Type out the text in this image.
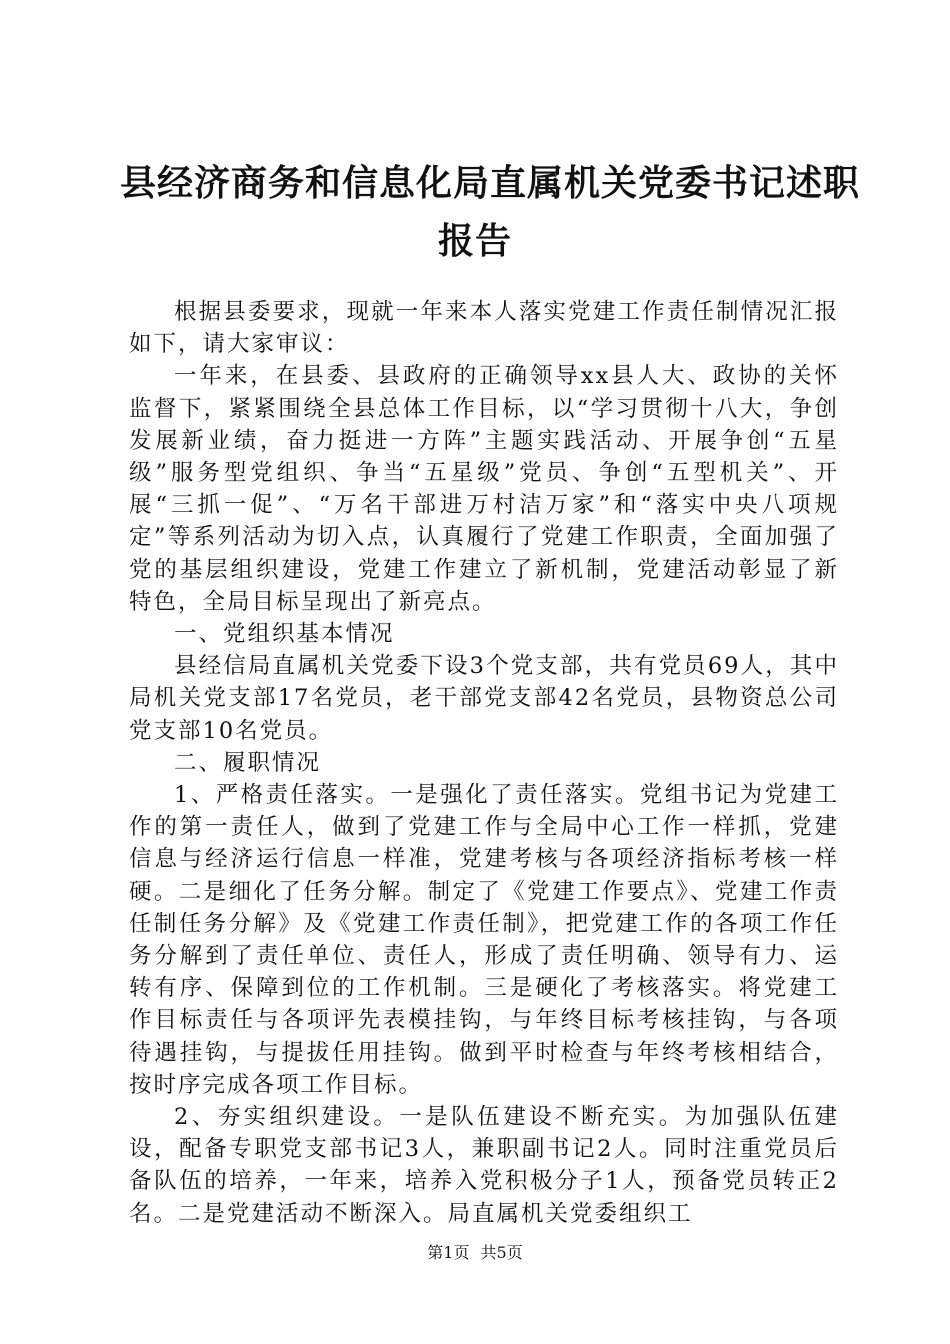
县经济商务和信息化局直属机关党委书记述职
报告

根据县委要求，现就一年来本人落实党建工作责任制情况汇报如下，请大家审议：

一年来，在县委、县政府的正确领导xx县人大、政协的关怀监督下，紧紧围绕全县总体工作目标，以“学习贯彻十八大，争创发展新业绩，奋力挺进一方阵”主题实践活动、开展争创“五星级”服务型党组织、争当“五星级”党员、争创“五型机关”、开展“三抓一促”、“万名干部进万村洁万家”和“落实中央八项规定”等系列活动为切入点，认真履行了党建工作职责，全面加强了党的基层组织建设，党建工作建立了新机制，党建活动彰显了新特色，全局目标呈现出了新亮点。

一、党组织基本情况

县经信局直属机关党委下设3个党支部，共有党员69人，其中局机关党支部17名党员，老干部党支部42名党员，县物资总公司党支部10名党员。

二、履职情况

1、严格责任落实。一是强化了责任落实。党组书记为党建工作的第一责任人，做到了党建工作与全局中心工作一样抓，党建信息与经济运行信息一样准，党建考核与各项经济指标考核一样硬。二是细化了任务分解。制定了《党建工作要点》、党建工作责任制任务分解》及《党建工作责任制》，把党建工作的各项工作任务分解到了责任单位、责任人，形成了责任明确、领导有力、运转有序、保障到位的工作机制。三是硬化了考核落实。将党建工作目标责任与各项评先表模挂钩，与年终目标考核挂钩，与各项待遇挂钩，与提拔任用挂钩。做到平时检查与年终考核相结合，按时序完成各项工作目标。

2、夯实组织建设。一是队伍建设不断充实。为加强队伍建设，配备专职党支部书记3人，兼职副书记2人。同时注重党员后备队伍的培养，一年来，培养入党积极分子1人，预备党员转正2名。二是党建活动不断深入。局直属机关党委组织工

第1页 共5页
